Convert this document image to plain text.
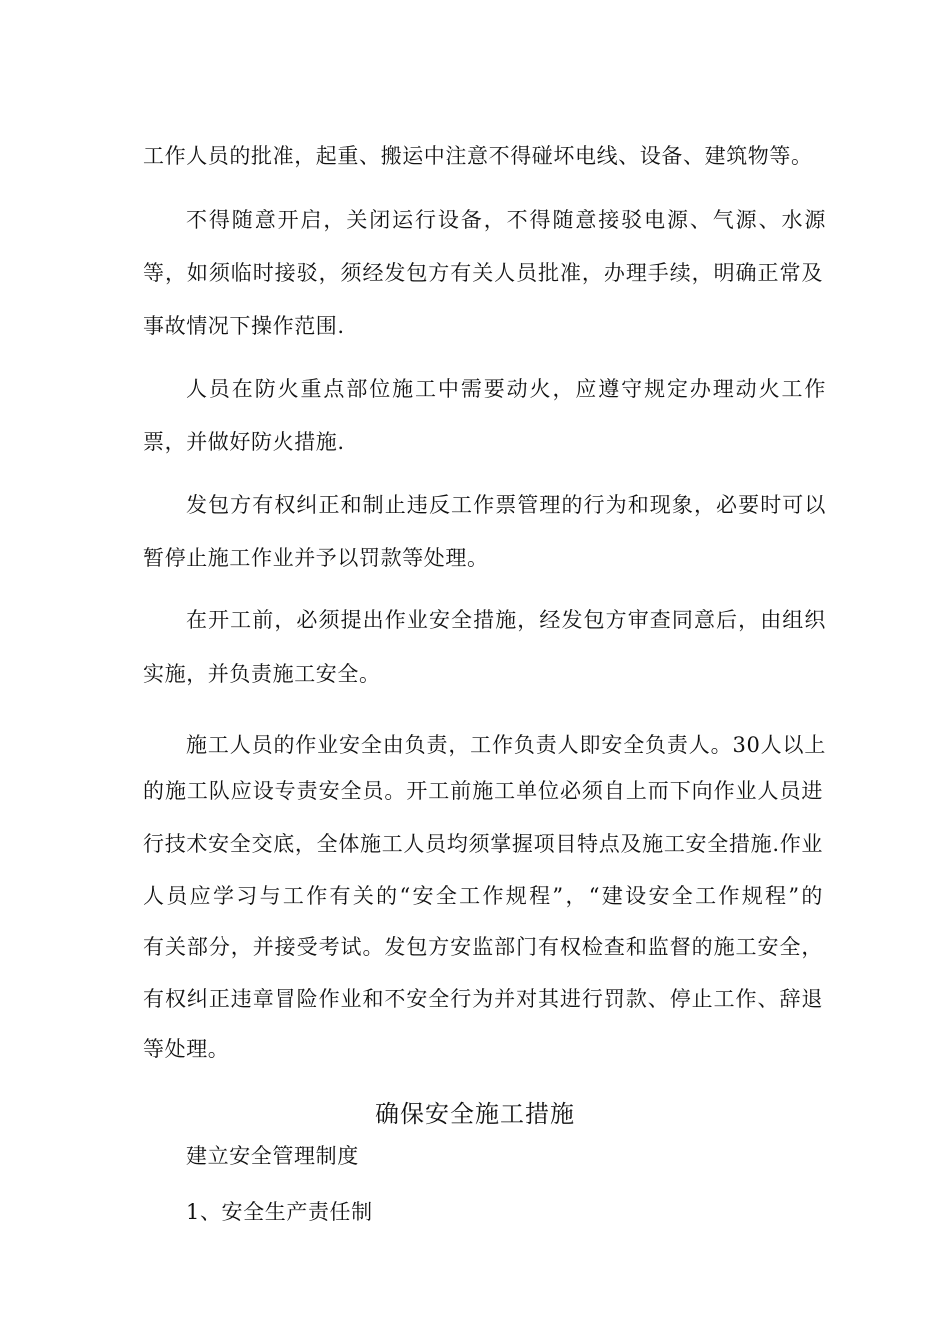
工作人员的批准，起重、搬运中注意不得碰坏电线、设备、建筑物等。
不得随意开启，关闭运行设备，不得随意接驳电源、气源、水源
等，如须临时接驳，须经发包方有关人员批准，办理手续，明确正常及
事故情况下操作范围.
人员在防火重点部位施工中需要动火，应遵守规定办理动火工作
票，并做好防火措施.
发包方有权纠正和制止违反工作票管理的行为和现象，必要时可以
暂停止施工作业并予以罚款等处理。
在开工前，必须提出作业安全措施，经发包方审查同意后，由组织
实施，并负责施工安全。
施工人员的作业安全由负责，工作负责人即安全负责人。30人以上
的施工队应设专责安全员。开工前施工单位必须自上而下向作业人员进
行技术安全交底，全体施工人员均须掌握项目特点及施工安全措施.作业
人员应学习与工作有关的“安全工作规程”，“建设安全工作规程”的
有关部分，并接受考试。发包方安监部门有权检查和监督的施工安全，
有权纠正违章冒险作业和不安全行为并对其进行罚款、停止工作、辞退
等处理。
确保安全施工措施
建立安全管理制度
1、安全生产责任制
